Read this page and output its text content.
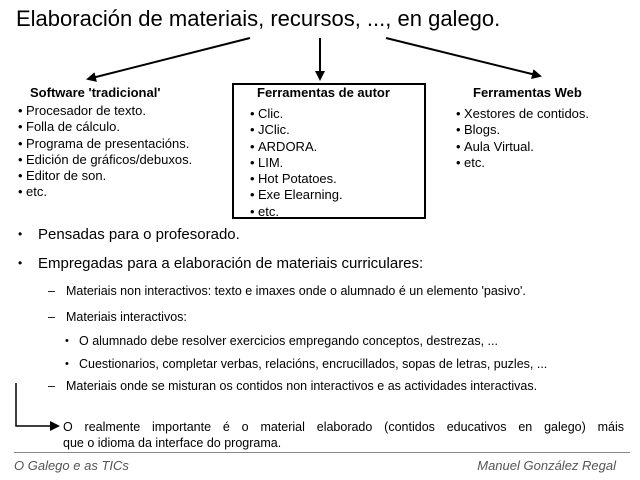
Elaboración de materiais, recursos, ..., en galego.
Software 'tradicional'
• Procesador de texto.
• Folla de cálculo.
• Programa de presentacións.
• Edición de gráficos/debuxos.
• Editor de son.
• etc.
Ferramentas de autor
• Clic.
• JClic.
• ARDORA.
• LIM.
• Hot Potatoes.
• Exe Elearning.
• etc.
Ferramentas Web
• Xestores de contidos.
• Blogs.
• Aula Virtual.
• etc.
• Pensadas para o profesorado.
• Empregadas para a elaboración de materiais curriculares:
– Materiais non interactivos: texto e imaxes onde o alumnado é un elemento 'pasivo'.
– Materiais interactivos:
• O alumnado debe resolver exercicios empregando conceptos, destrezas, ...
• Cuestionarios, completar verbas, relacións, encrucillados, sopas de letras, puzles, ...
– Materiais onde se misturan os contidos non interactivos e as actividades interactivas.
O realmente importante é o material elaborado (contidos educativos en galego) máis
que o idioma da interface do programa.
O Galego e as TICs	Manuel González Regal
